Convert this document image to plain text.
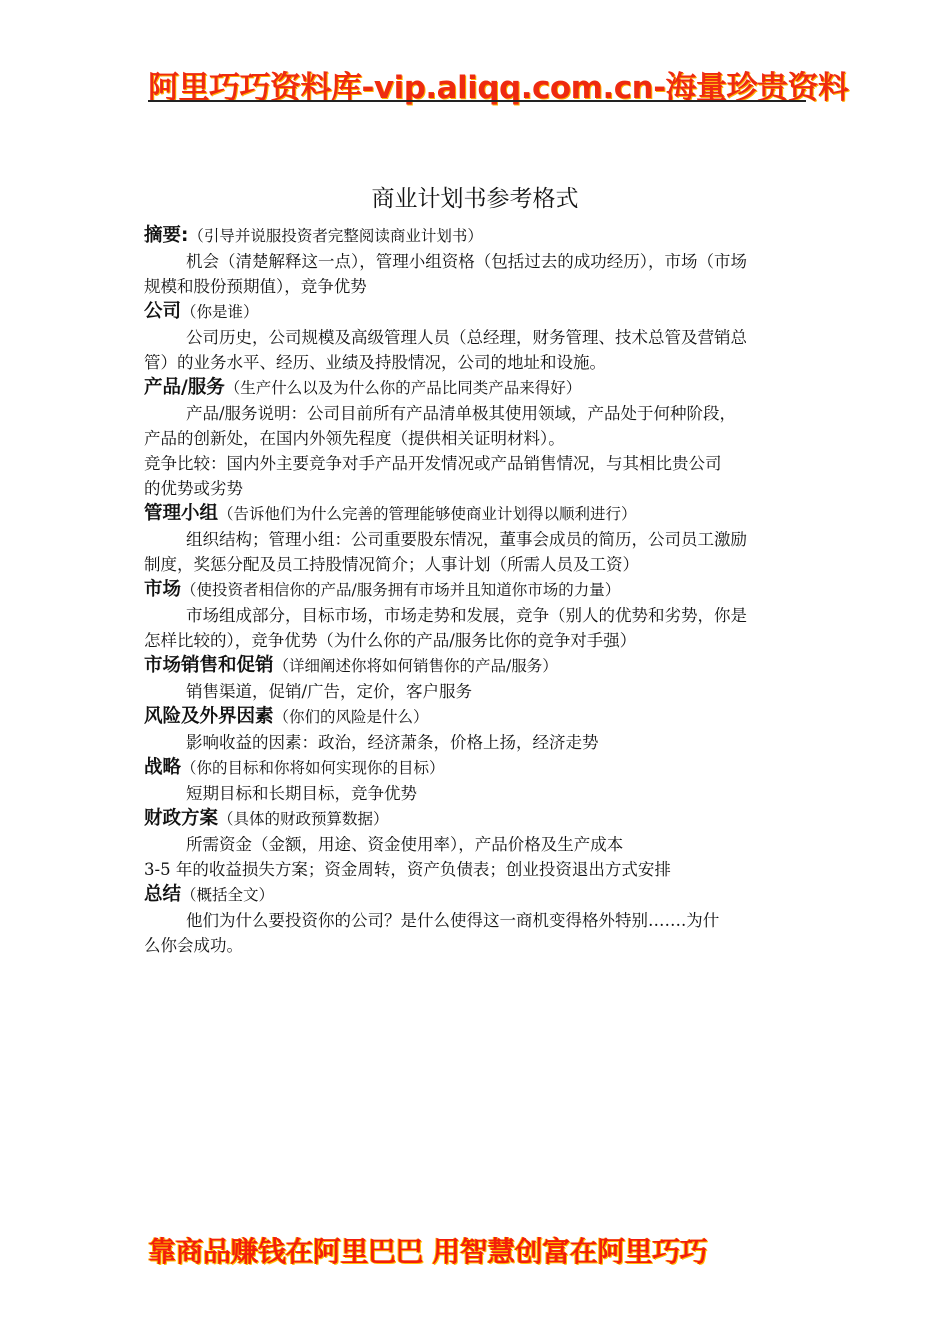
阿里巧巧资料库-vip.aliqq.com.cn-海量珍贵资料
商业计划书参考格式
摘要:（引导并说服投资者完整阅读商业计划书）
机会（清楚解释这一点），管理小组资格（包括过去的成功经历），市场（市场
规模和股份预期值），竞争优势
公司（你是谁）
公司历史，公司规模及高级管理人员（总经理，财务管理、技术总管及营销总
管）的业务水平、经历、业绩及持股情况，公司的地址和设施。
产品/服务（生产什么以及为什么你的产品比同类产品来得好）
产品/服务说明：公司目前所有产品清单极其使用领域，产品处于何种阶段，
产品的创新处，在国内外领先程度（提供相关证明材料）。
竞争比较：国内外主要竞争对手产品开发情况或产品销售情况，与其相比贵公司
的优势或劣势
管理小组（告诉他们为什么完善的管理能够使商业计划得以顺利进行）
组织结构；管理小组：公司重要股东情况，董事会成员的简历，公司员工激励
制度，奖惩分配及员工持股情况简介；人事计划（所需人员及工资）
市场（使投资者相信你的产品/服务拥有市场并且知道你市场的力量）
市场组成部分，目标市场，市场走势和发展，竞争（别人的优势和劣势，你是
怎样比较的），竞争优势（为什么你的产品/服务比你的竞争对手强）
市场销售和促销（详细阐述你将如何销售你的产品/服务）
销售渠道，促销/广告，定价，客户服务
风险及外界因素（你们的风险是什么）
影响收益的因素：政治，经济萧条，价格上扬，经济走势
战略（你的目标和你将如何实现你的目标）
短期目标和长期目标，竞争优势
财政方案（具体的财政预算数据）
所需资金（金额，用途、资金使用率），产品价格及生产成本
3-5 年的收益损失方案；资金周转，资产负债表；创业投资退出方式安排
总结（概括全文）
他们为什么要投资你的公司？是什么使得这一商机变得格外特别…….为什
么你会成功。
靠商品赚钱在阿里巴巴 用智慧创富在阿里巧巧
